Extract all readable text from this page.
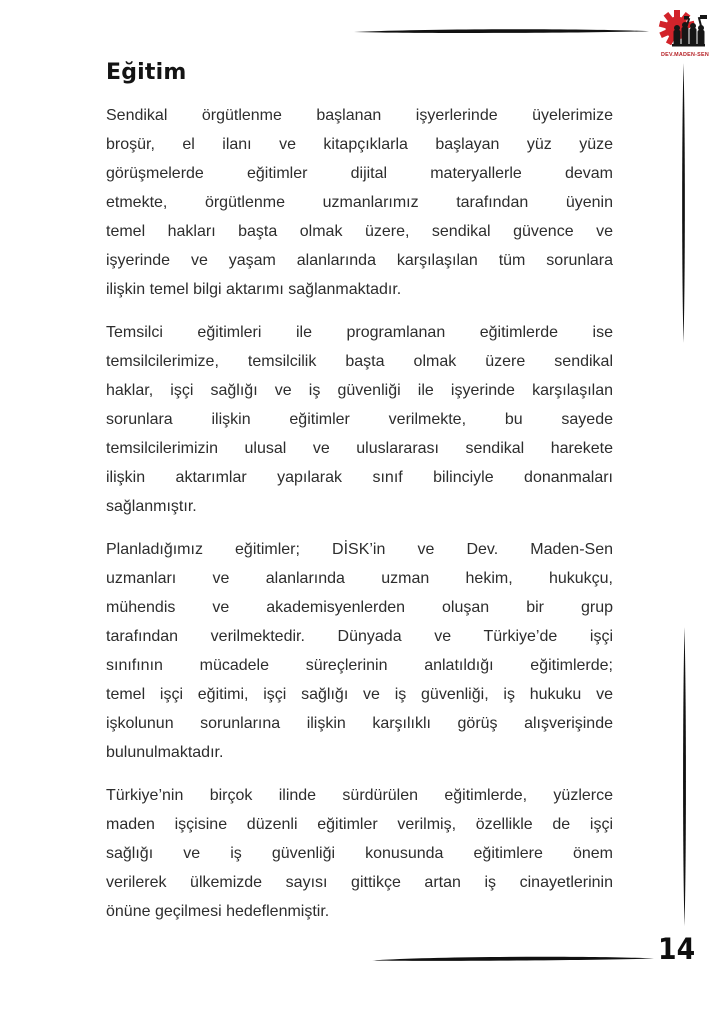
DEV.MADEN-SEN
Eğitim
Sendikal örgütlenme başlanan işyerlerinde üyelerimize
broşür, el ilanı ve kitapçıklarla başlayan yüz yüze
görüşmelerde eğitimler dijital materyallerle devam
etmekte, örgütlenme uzmanlarımız tarafından üyenin
temel hakları başta olmak üzere, sendikal güvence ve
işyerinde ve yaşam alanlarında karşılaşılan tüm sorunlara
ilişkin temel bilgi aktarımı sağlanmaktadır.
Temsilci eğitimleri ile programlanan eğitimlerde ise
temsilcilerimize, temsilcilik başta olmak üzere sendikal
haklar, işçi sağlığı ve iş güvenliği ile işyerinde karşılaşılan
sorunlara ilişkin eğitimler verilmekte, bu sayede
temsilcilerimizin ulusal ve uluslararası sendikal harekete
ilişkin aktarımlar yapılarak sınıf bilinciyle donanmaları
sağlanmıştır.
Planladığımız eğitimler; DİSK’in ve Dev. Maden-Sen
uzmanları ve alanlarında uzman hekim, hukukçu,
mühendis ve akademisyenlerden oluşan bir grup
tarafından verilmektedir. Dünyada ve Türkiye’de işçi
sınıfının mücadele süreçlerinin anlatıldığı eğitimlerde;
temel işçi eğitimi, işçi sağlığı ve iş güvenliği, iş hukuku ve
işkolunun sorunlarına ilişkin karşılıklı görüş alışverişinde
bulunulmaktadır.
Türkiye’nin birçok ilinde sürdürülen eğitimlerde, yüzlerce
maden işçisine düzenli eğitimler verilmiş, özellikle de işçi
sağlığı ve iş güvenliği konusunda eğitimlere önem
verilerek ülkemizde sayısı gittikçe artan iş cinayetlerinin
önüne geçilmesi hedeflenmiştir.
14
